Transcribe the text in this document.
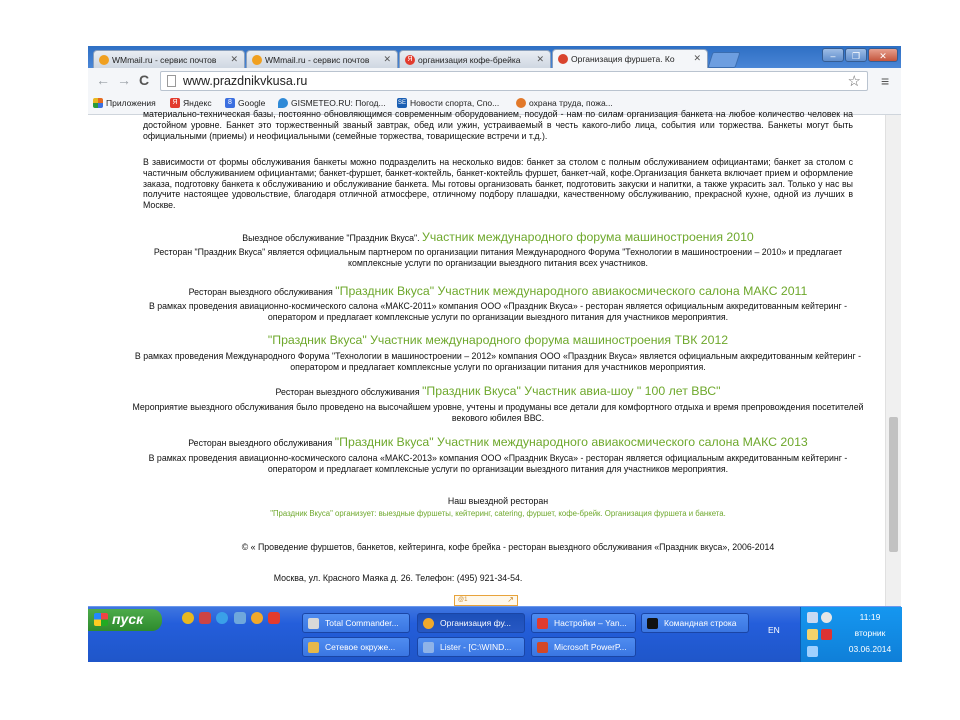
WMmail.ru - сервис почтов ✕	WMmail.ru - сервис почтов ✕	Я организация кофе-брейка ✕	Организация фуршета. Ко ✕	–	❐	✕
← → C	www.prazdnikvkusa.ru	☆ ≡
Приложения	Я Яндекс	8 Google	GISMETEO.RU: Погод... SE Новости спорта, Спо...	охрана труда, пожа...
материально-техническая базы, постоянно обновляющимся современным оборудованием, посудой - нам по силам организация банкета на любое количество человек на достойном уровне. Банкет это торжественный званый завтрак, обед или ужин, устраиваемый в честь какого-либо лица, события или торжества. Банкеты могут быть официальными (приемы) и неофициальными (семейные торжества, товарищеские встречи и т.д.).
В зависимости от формы обслуживания банкеты можно подразделить на несколько видов: банкет за столом с полным обслуживанием официантами; банкет за столом с частичным обслуживанием официантами; банкет-фуршет, банкет-коктейль, банкет-коктейль фуршет, банкет-чай, кофе.Организация банкета включает прием и оформление заказа, подготовку банкета к обслуживанию и обслуживание банкета. Мы готовы организовать банкет, подготовить закуски и напитки, а также украсить зал. Только у нас вы получите настоящее удовольствие, благодаря отличной атмосфере, отличному подбору плашадки, качественному обслуживанию, прекрасной кухне, одной из лучших в Москве.
Выездное обслуживание "Праздник Вкуса". Участник международного форума машиностроения 2010
Ресторан "Праздник Вкуса" является официальным партнером по организации питания Международного Форума "Технологии в машиностроении – 2010» и предлагает комплексные услуги по организации выездного питания всех участников.
Ресторан выездного обслуживания "Праздник Вкуса" Участник международного авиакосмического салона МАКС 2011
В рамках проведения авиационно-космического салона «МАКС-2011» компания ООО «Праздник Вкуса» - ресторан является официальным аккредитованным кейтеринг - оператором и предлагает комплексные услуги по организации выездного питания для участников мероприятия.
"Праздник Вкуса" Участник международного форума машиностроения ТВК 2012
В рамках проведения Международного Форума "Технологии в машиностроении – 2012» компания ООО «Праздник Вкуса» является официальным аккредитованным кейтеринг - оператором и предлагает комплексные услуги по организации питания для участников мероприятия.
Ресторан выездного обслуживания "Праздник Вкуса" Участник авиа-шоу " 100 лет ВВС"
Мероприятие выездного обслуживания было проведено на высочайшем уровне, учтены и продуманы все детали для комфортного отдыха и время препровождения посетителей векового юбилея ВВС.
Ресторан выездного обслуживания "Праздник Вкуса" Участник международного авиакосмического салона МАКС 2013
В рамках проведения авиационно-космического салона «МАКС-2013» компания ООО «Праздник Вкуса» - ресторан является официальным аккредитованным кейтеринг - оператором и предлагает комплексные услуги по организации выездного питания для участников мероприятия.
Наш выездной ресторан
"Праздник Вкуса" организует: выездные фуршеты, кейтеринг, catering, фуршет, кофе-брейк. Организация фуршета и банкета.
© « Проведение фуршетов, банкетов, кейтеринга, кофе брейка - ресторан выездного обслуживания «Праздник вкуса», 2006-2014
Москва, ул. Красного Маяка д. 26. Телефон: (495) 921-34-54.
@1	↗
пуск	Total Commander...	Организация фу...	Настройки – Yan...	Командная строка
Сетевое окруже...	Lister - [C:\WIND...	Microsoft PowerP...
EN
11:19
вторник
03.06.2014
